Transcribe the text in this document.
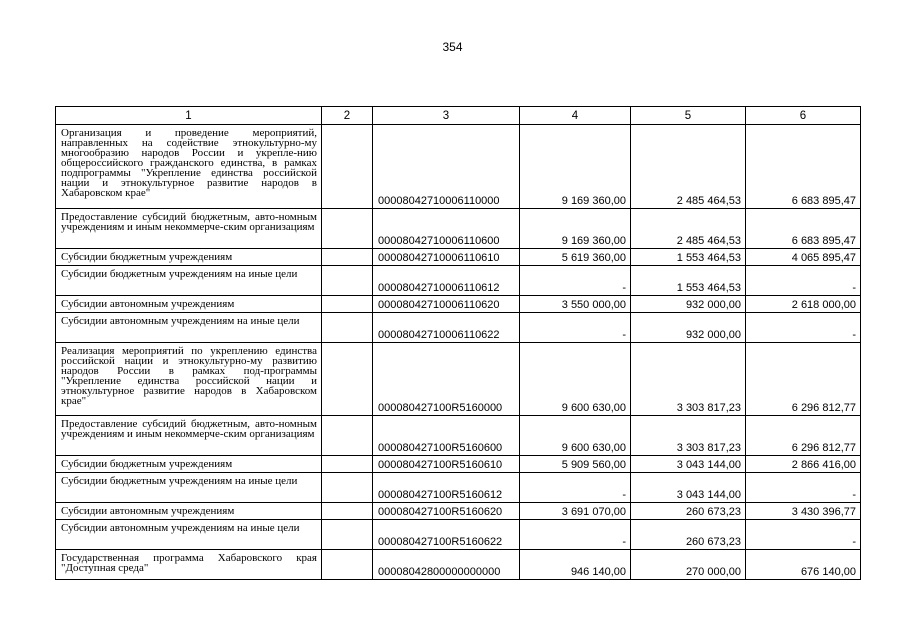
354
1	2	3	4	5	6
Организация и проведение мероприятий, направленных на содействие этнокультурно-му многообразию народов России и укрепле-нию общероссийского гражданского единства, в рамках подпрограммы "Укрепление единства российской нации и этнокультурное развитие народов в Хабаровском крае"		00008042710006110000	9 169 360,00	2 485 464,53	6 683 895,47
Предоставление субсидий бюджетным, авто-номным учреждениям и иным некоммерче-ским организациям		00008042710006110600	9 169 360,00	2 485 464,53	6 683 895,47
Субсидии бюджетным учреждениям		00008042710006110610	5 619 360,00	1 553 464,53	4 065 895,47
Субсидии бюджетным учреждениям на иные цели		00008042710006110612	-	1 553 464,53	-
Субсидии автономным учреждениям		00008042710006110620	3 550 000,00	932 000,00	2 618 000,00
Субсидии автономным учреждениям на иные цели		00008042710006110622	-	932 000,00	-
Реализация мероприятий по укреплению единства российской нации и этнокультурно-му развитию народов России в рамках под-программы "Укрепление единства российской нации и этнокультурное развитие народов в Хабаровском крае"		000080427100R5160000	9 600 630,00	3 303 817,23	6 296 812,77
Предоставление субсидий бюджетным, авто-номным учреждениям и иным некоммерче-ским организациям		000080427100R5160600	9 600 630,00	3 303 817,23	6 296 812,77
Субсидии бюджетным учреждениям		000080427100R5160610	5 909 560,00	3 043 144,00	2 866 416,00
Субсидии бюджетным учреждениям на иные цели		000080427100R5160612	-	3 043 144,00	-
Субсидии автономным учреждениям		000080427100R5160620	3 691 070,00	260 673,23	3 430 396,77
Субсидии автономным учреждениям на иные цели		000080427100R5160622	-	260 673,23	-
Государственная программа Хабаровского края "Доступная среда"		00008042800000000000	946 140,00	270 000,00	676 140,00
